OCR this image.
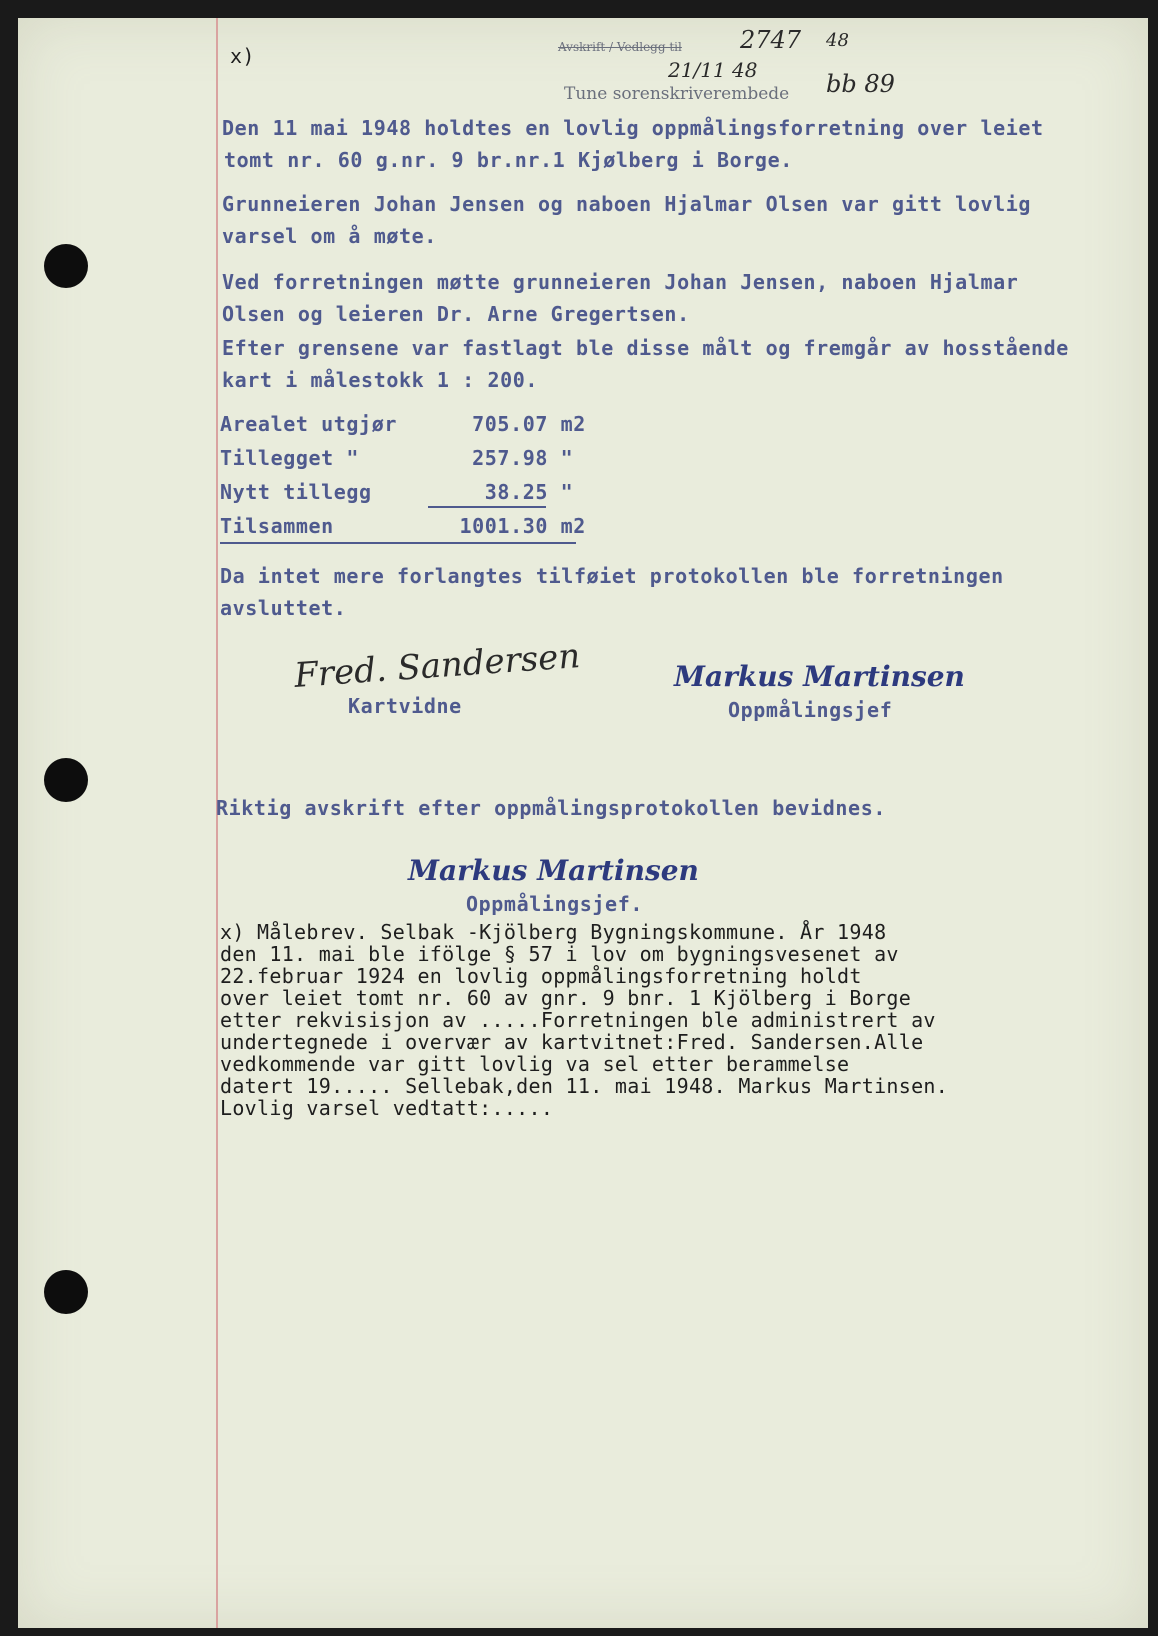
x)	Avskrift / Vedlegg til 2747 48
21/11 48	bb 89
Tune sorenskriverembede
Den 11 mai 1948 holdtes en lovlig oppmålingsforretning over leiet
tomt nr. 60 g.nr. 9 br.nr.1 Kjølberg i Borge.
Grunneieren Johan Jensen og naboen Hjalmar Olsen var gitt lovlig
varsel om å møte.
Ved forretningen møtte grunneieren Johan Jensen, naboen Hjalmar
Olsen og leieren Dr. Arne Gregertsen.
Efter grensene var fastlagt ble disse målt og fremgår av hosstående
kart i målestokk 1 : 200.
Arealet utgjør	705.07 m2
Tillegget "	257.98 "
Nytt tillegg	38.25 "
Tilsammen	1001.30 m2
Da intet mere forlangtes tilføiet protokollen ble forretningen
avsluttet.
Fred. Sandersen
Kartvidne
Markus Martinsen
Oppmålingsjef
Riktig avskrift efter oppmålingsprotokollen bevidnes.
Markus Martinsen
Oppmålingsjef.
x) Målebrev. Selbak -Kjölberg Bygningskommune. År 1948
den 11. mai ble ifölge § 57 i lov om bygningsvesenet av
22.februar 1924 en lovlig oppmålingsforretning holdt
over leiet tomt nr. 60 av gnr. 9 bnr. 1 Kjölberg i Borge
etter rekvisisjon av .....Forretningen ble administrert av
undertegnede i overvær av kartvitnet:Fred. Sandersen.Alle
vedkommende var gitt lovlig va sel etter berammelse
datert 19..... Sellebak,den 11. mai 1948. Markus Martinsen.
Lovlig varsel vedtatt:.....
